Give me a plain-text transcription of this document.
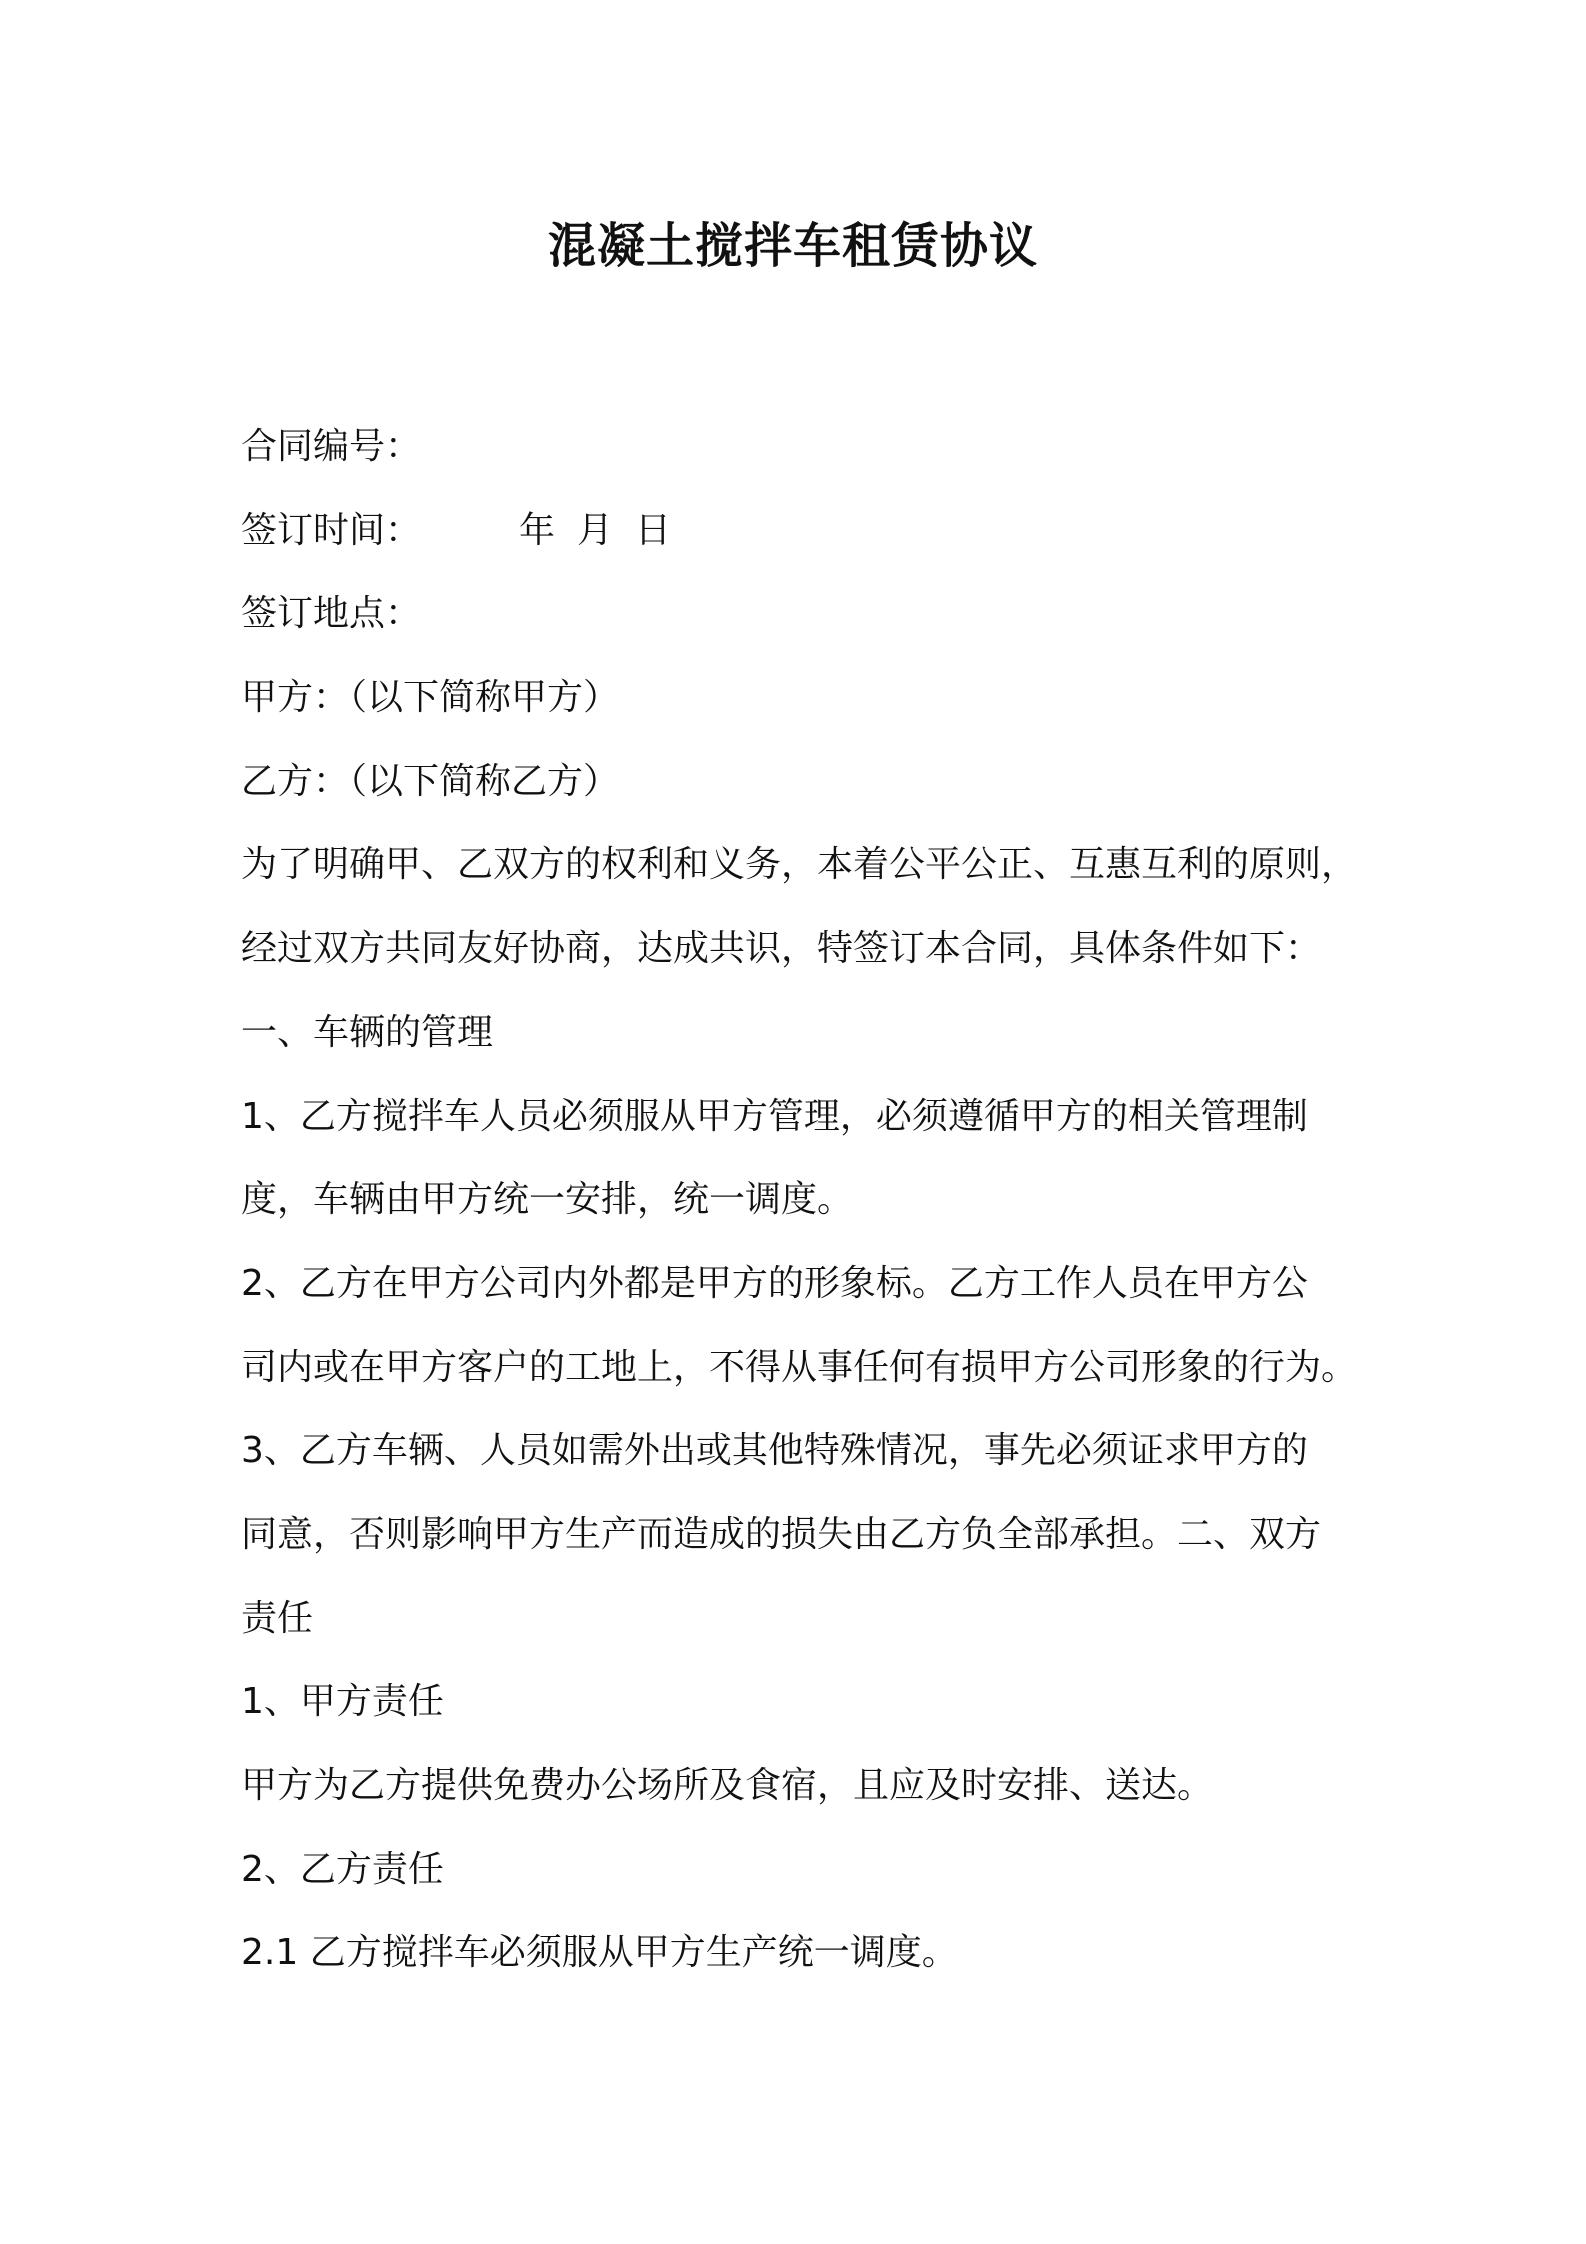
混凝土搅拌车租赁协议
合同编号：
签订时间：	年 月 日
签订地点：
甲方：（以下简称甲方）
乙方：（以下简称乙方）
为了明确甲、乙双方的权利和义务，本着公平公正、互惠互利的原则，
经过双方共同友好协商，达成共识，特签订本合同，具体条件如下：
一、车辆的管理
1、乙方搅拌车人员必须服从甲方管理，必须遵循甲方的相关管理制
度，车辆由甲方统一安排，统一调度。
2、乙方在甲方公司内外都是甲方的形象标。乙方工作人员在甲方公
司内或在甲方客户的工地上，不得从事任何有损甲方公司形象的行为。
3、乙方车辆、人员如需外出或其他特殊情况，事先必须证求甲方的
同意，否则影响甲方生产而造成的损失由乙方负全部承担。二、双方
责任
1、甲方责任
甲方为乙方提供免费办公场所及食宿，且应及时安排、送达。
2、乙方责任
2.1 乙方搅拌车必须服从甲方生产统一调度。
